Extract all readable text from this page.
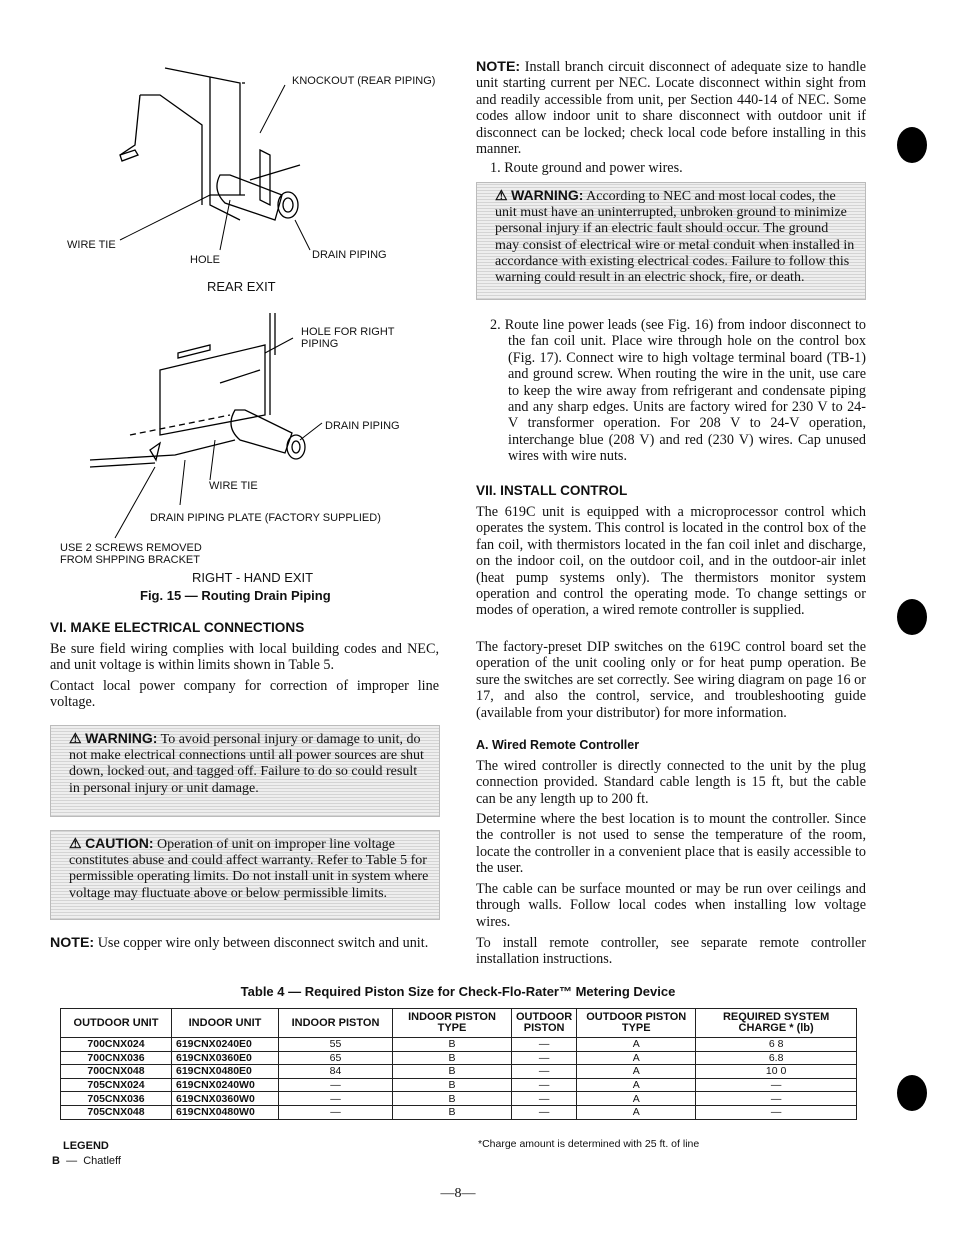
KNOCKOUT (REAR PIPING)
WIRE TIE
HOLE	DRAIN PIPING
REAR EXIT
HOLE FOR RIGHT PIPING
DRAIN PIPING
WIRE TIE
DRAIN PIPING PLATE (FACTORY SUPPLIED)
USE 2 SCREWS REMOVED FROM SHPPING BRACKET
RIGHT - HAND EXIT
Fig. 15 — Routing Drain Piping
VI. MAKE ELECTRICAL CONNECTIONS
Be sure field wiring complies with local building codes and NEC, and unit voltage is within limits shown in Table 5.
Contact local power company for correction of improper line voltage.
⚠ WARNING: To avoid personal injury or damage to unit, do not make electrical connections until all power sources are shut down, locked out, and tagged off. Failure to do so could result in personal injury or unit damage.
⚠ CAUTION: Operation of unit on improper line voltage constitutes abuse and could affect warranty. Refer to Table 5 for permissible operating limits. Do not install unit in system where voltage may fluctuate above or below permissible limits.
NOTE: Use copper wire only between disconnect switch and unit.
NOTE: Install branch circuit disconnect of adequate size to handle unit starting current per NEC. Locate disconnect within sight from and readily accessible from unit, per Section 440-14 of NEC. Some codes allow indoor unit to share disconnect with outdoor unit if disconnect can be locked; check local code before installing in this manner.
1. Route ground and power wires.
⚠ WARNING: According to NEC and most local codes, the unit must have an uninterrupted, unbroken ground to minimize personal injury if an electric fault should occur. The ground may consist of electrical wire or metal conduit when installed in accordance with existing electrical codes. Failure to follow this warning could result in an electric shock, fire, or death.
2. Route line power leads (see Fig. 16) from indoor disconnect to the fan coil unit. Place wire through hole on the control box (Fig. 17). Connect wire to high voltage terminal board (TB-1) and ground screw. When routing the wire in the unit, use care to keep the wire away from refrigerant and condensate piping and any sharp edges. Units are factory wired for 230 V to 24-V transformer operation. For 208 V to 24-V operation, interchange blue (208 V) and red (230 V) wires. Cap unused wires with wire nuts.
VII. INSTALL CONTROL
The 619C unit is equipped with a microprocessor control which operates the system. This control is located in the control box of the fan coil, with thermistors located in the fan coil inlet and discharge, on the indoor coil, on the outdoor coil, and in the outdoor-air inlet (heat pump systems only). The thermistors monitor system operation and control the operating mode. To change settings or modes of operation, a wired remote controller is supplied.
The factory-preset DIP switches on the 619C control board set the operation of the unit cooling only or for heat pump operation. Be sure the switches are set correctly. See wiring diagram on page 16 or 17, and also the control, service, and troubleshooting guide (available from your distributor) for more information.
A. Wired Remote Controller
The wired controller is directly connected to the unit by the plug connection provided. Standard cable length is 15 ft, but the cable can be any length up to 200 ft.
Determine where the best location is to mount the controller. Since the controller is not used to sense the temperature of the room, locate the controller in a convenient place that is easily accessible to the user.
The cable can be surface mounted or may be run over ceilings and through walls. Follow local codes when installing low voltage wires.
To install remote controller, see separate remote controller installation instructions.
Table 4 — Required Piston Size for Check-Flo-Rater™ Metering Device
OUTDOOR UNIT	INDOOR UNIT	INDOOR PISTON	INDOOR PISTON TYPE	OUTDOOR PISTON	OUTDOOR PISTON TYPE	REQUIRED SYSTEM CHARGE * (lb)
700CNX024	619CNX0240E0	55	B	—	A	6 8
700CNX036	619CNX0360E0	65	B	—	A	6.8
700CNX048	619CNX0480E0	84	B	—	A	10 0
705CNX024	619CNX0240W0	—	B	—	A	—
705CNX036	619CNX0360W0	—	B	—	A	—
705CNX048	619CNX0480W0	—	B	—	A	—
LEGEND
B  —  Chatleff
*Charge amount is determined with 25 ft. of line
—8—
